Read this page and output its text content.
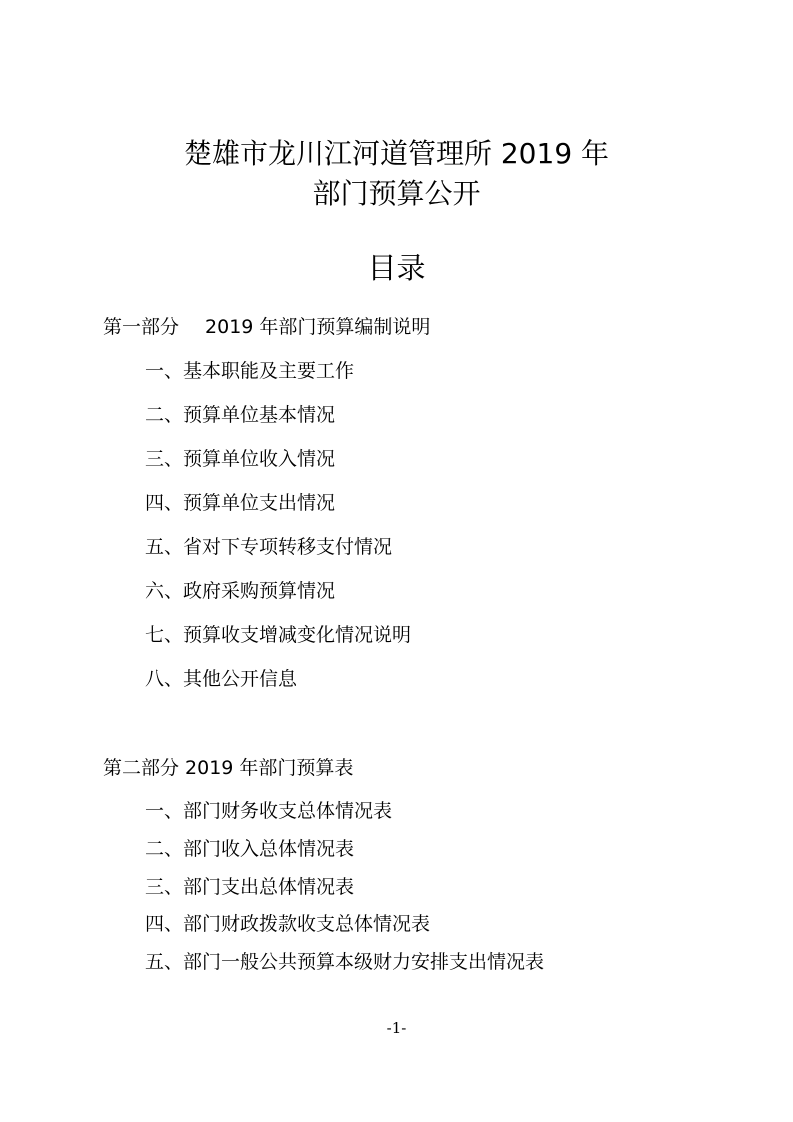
楚雄市龙川江河道管理所 2019 年
部门预算公开
目录
第一部分 2019 年部门预算编制说明
一、基本职能及主要工作
二、预算单位基本情况
三、预算单位收入情况
四、预算单位支出情况
五、省对下专项转移支付情况
六、政府采购预算情况
七、预算收支增减变化情况说明
八、其他公开信息
第二部分 2019 年部门预算表
一、部门财务收支总体情况表
二、部门收入总体情况表
三、部门支出总体情况表
四、部门财政拨款收支总体情况表
五、部门一般公共预算本级财力安排支出情况表
-1-
